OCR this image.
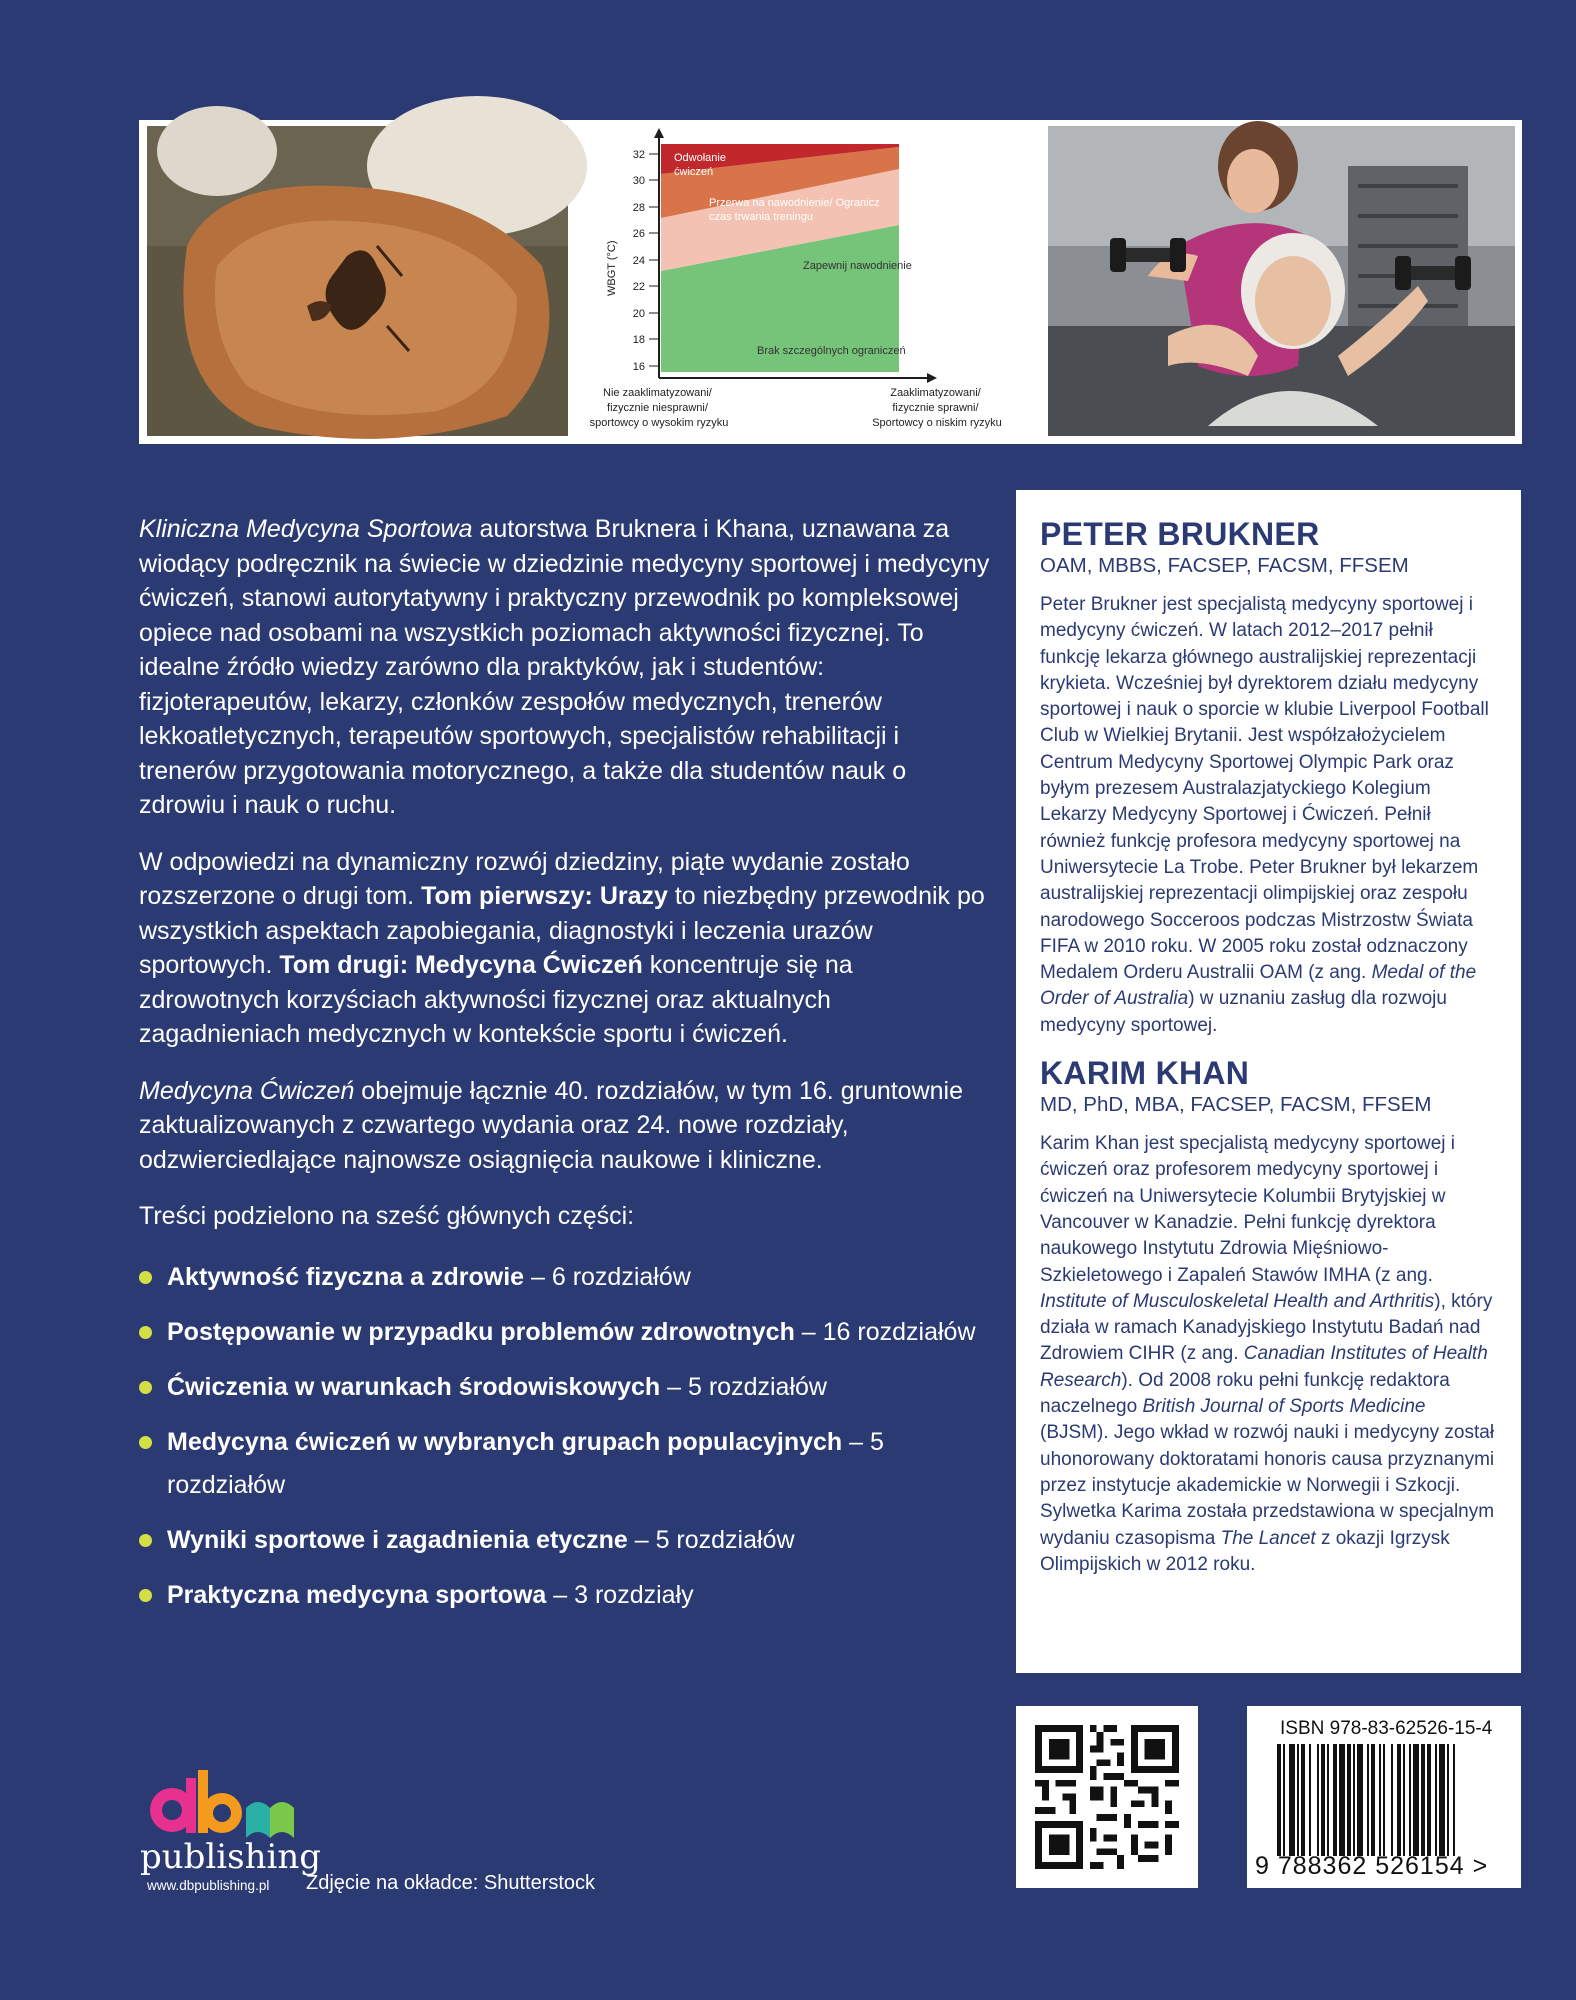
32
30
28
26
24
22
20
18
16
WBGT (°C)
Odwołanie ćwiczeń
Przerwa na nawodnienie/ Ogranicz czas trwania treningu
Zapewnij nawodnienie
Brak szczególnych ograniczeń
Nie zaaklimatyzowani/ fizycznie niesprawni/ sportowcy o wysokim ryzyku
Zaaklimatyzowani/ fizycznie sprawni/ Sportowcy o niskim ryzyku

Kliniczna Medycyna Sportowa autorstwa Bruknera i Khana, uznawana za wiodący podręcznik na świecie w dziedzinie medycyny sportowej i medycyny ćwiczeń, stanowi autorytatywny i praktyczny przewodnik po kompleksowej opiece nad osobami na wszystkich poziomach aktywności fizycznej. To idealne źródło wiedzy zarówno dla praktyków, jak i studentów: fizjoterapeutów, lekarzy, członków zespołów medycznych, trenerów lekkoatletycznych, terapeutów sportowych, specjalistów rehabilitacji i trenerów przygotowania motorycznego, a także dla studentów nauk o zdrowiu i nauk o ruchu.

W odpowiedzi na dynamiczny rozwój dziedziny, piąte wydanie zostało rozszerzone o drugi tom. Tom pierwszy: Urazy to niezbędny przewodnik po wszystkich aspektach zapobiegania, diagnostyki i leczenia urazów sportowych. Tom drugi: Medycyna Ćwiczeń koncentruje się na zdrowotnych korzyściach aktywności fizycznej oraz aktualnych zagadnieniach medycznych w kontekście sportu i ćwiczeń.

Medycyna Ćwiczeń obejmuje łącznie 40. rozdziałów, w tym 16. gruntownie zaktualizowanych z czwartego wydania oraz 24. nowe rozdziały, odzwierciedlające najnowsze osiągnięcia naukowe i kliniczne.

Treści podzielono na sześć głównych części:

Aktywność fizyczna a zdrowie – 6 rozdziałów
Postępowanie w przypadku problemów zdrowotnych – 16 rozdziałów
Ćwiczenia w warunkach środowiskowych – 5 rozdziałów
Medycyna ćwiczeń w wybranych grupach populacyjnych – 5 rozdziałów
Wyniki sportowe i zagadnienia etyczne – 5 rozdziałów
Praktyczna medycyna sportowa – 3 rozdziały
PETER BRUKNER
OAM, MBBS, FACSEP, FACSM, FFSEM

Peter Brukner jest specjalistą medycyny sportowej i medycyny ćwiczeń. W latach 2012–2017 pełnił funkcję lekarza głównego australijskiej reprezentacji krykieta. Wcześniej był dyrektorem działu medycyny sportowej i nauk o sporcie w klubie Liverpool Football Club w Wielkiej Brytanii. Jest współzałożycielem Centrum Medycyny Sportowej Olympic Park oraz byłym prezesem Australazjatyckiego Kolegium Lekarzy Medycyny Sportowej i Ćwiczeń. Pełnił również funkcję profesora medycyny sportowej na Uniwersytecie La Trobe. Peter Brukner był lekarzem australijskiej reprezentacji olimpijskiej oraz zespołu narodowego Socceroos podczas Mistrzostw Świata FIFA w 2010 roku. W 2005 roku został odznaczony Medalem Orderu Australii OAM (z ang. Medal of the Order of Australia) w uznaniu zasług dla rozwoju medycyny sportowej.

KARIM KHAN
MD, PhD, MBA, FACSEP, FACSM, FFSEM

Karim Khan jest specjalistą medycyny sportowej i ćwiczeń oraz profesorem medycyny sportowej i ćwiczeń na Uniwersytecie Kolumbii Brytyjskiej w Vancouver w Kanadzie. Pełni funkcję dyrektora naukowego Instytutu Zdrowia Mięśniowo-Szkieletowego i Zapaleń Stawów IMHA (z ang. Institute of Musculoskeletal Health and Arthritis), który działa w ramach Kanadyjskiego Instytutu Badań nad Zdrowiem CIHR (z ang. Canadian Institutes of Health Research). Od 2008 roku pełni funkcję redaktora naczelnego British Journal of Sports Medicine (BJSM). Jego wkład w rozwój nauki i medycyny został uhonorowany doktoratami honoris causa przyznanymi przez instytucje akademickie w Norwegii i Szkocji. Sylwetka Karima została przedstawiona w specjalnym wydaniu czasopisma The Lancet z okazji Igrzysk Olimpijskich w 2012 roku.

ISBN 978-83-62526-15-4
9 788362 526154 >
publishing
www.dbpublishing.pl Zdjęcie na okładce: Shutterstock
